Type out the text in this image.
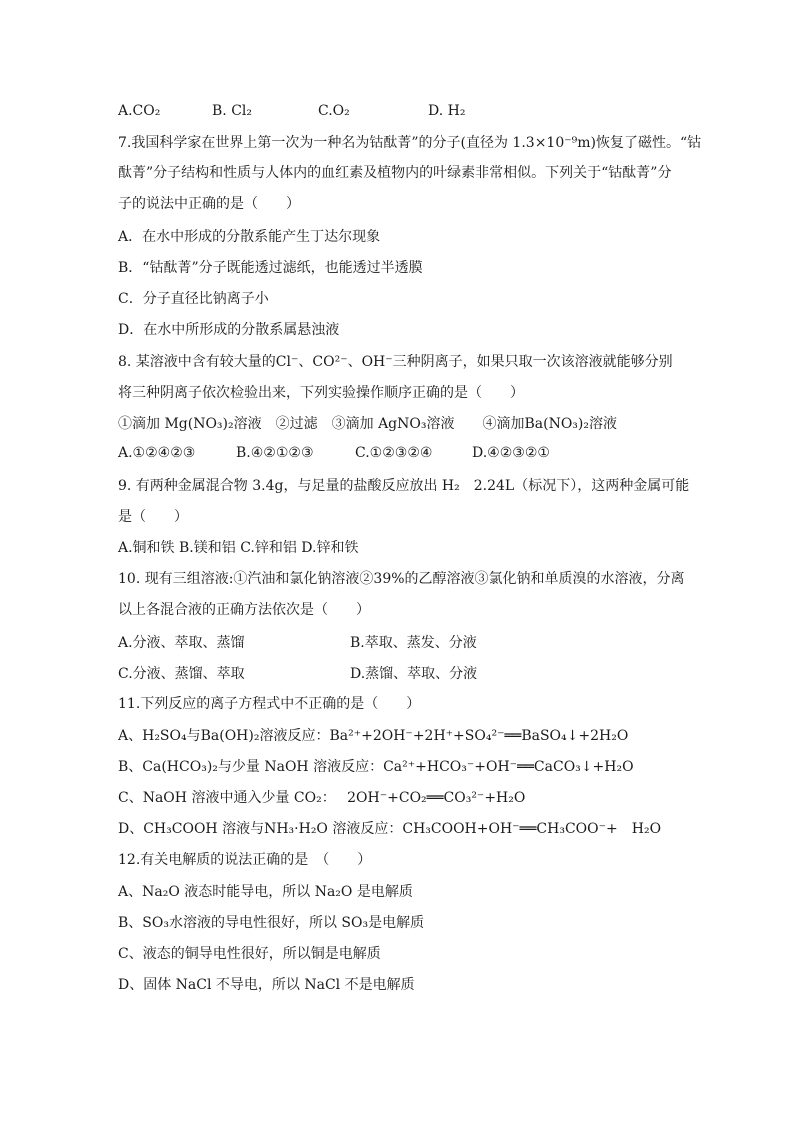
A.CO₂	B. Cl₂	C.O₂	D. H₂
7.我国科学家在世界上第一次为一种名为钴酞菁”的分子(直径为 1.3×10⁻⁹m)恢复了磁性。“钴
酞菁”分子结构和性质与人体内的血红素及植物内的叶绿素非常相似。下列关于“钴酞菁”分
子的说法中正确的是（　　）
A．在水中形成的分散系能产生丁达尔现象
B．“钴酞菁”分子既能透过滤纸，也能透过半透膜
C．分子直径比钠离子小
D．在水中所形成的分散系属悬浊液
8. 某溶液中含有较大量的Cl⁻、CO²⁻、OH⁻三种阴离子，如果只取一次该溶液就能够分别
将三种阴离子依次检验出来，下列实验操作顺序正确的是（　　）
①滴加 Mg(NO₃)₂溶液　②过滤　③滴加 AgNO₃溶液　　④滴加Ba(NO₃)₂溶液
A.①②④②③	B.④②①②③	C.①②③②④	D.④②③②①
9. 有两种金属混合物 3.4g，与足量的盐酸反应放出 H₂　2.24L（标况下），这两种金属可能
是（　　）
A.铜和铁 B.镁和铝 C.锌和铝 D.锌和铁
10. 现有三组溶液:①汽油和氯化钠溶液②39%的乙醇溶液③氯化钠和单质溴的水溶液，分离
以上各混合液的正确方法依次是（　　）
A.分液、萃取、蒸馏	B.萃取、蒸发、分液
C.分液、蒸馏、萃取	D.蒸馏、萃取、分液
11.下列反应的离子方程式中不正确的是（　　）
A、H₂SO₄与Ba(OH)₂溶液反应：Ba²⁺+2OH⁻+2H⁺+SO₄²⁻══BaSO₄↓+2H₂O
B、Ca(HCO₃)₂与少量 NaOH 溶液反应：Ca²⁺+HCO₃⁻+OH⁻══CaCO₃↓+H₂O
C、NaOH 溶液中通入少量 CO₂：　 2OH⁻+CO₂══CO₃²⁻+H₂O
D、CH₃COOH 溶液与NH₃·H₂O 溶液反应：CH₃COOH+OH⁻══CH₃COO⁻+　H₂O
12.有关电解质的说法正确的是　（　　）
A、Na₂O 液态时能导电，所以 Na₂O 是电解质
B、SO₃水溶液的导电性很好，所以 SO₃是电解质
C、液态的铜导电性很好，所以铜是电解质
D、固体 NaCl 不导电，所以 NaCl 不是电解质
